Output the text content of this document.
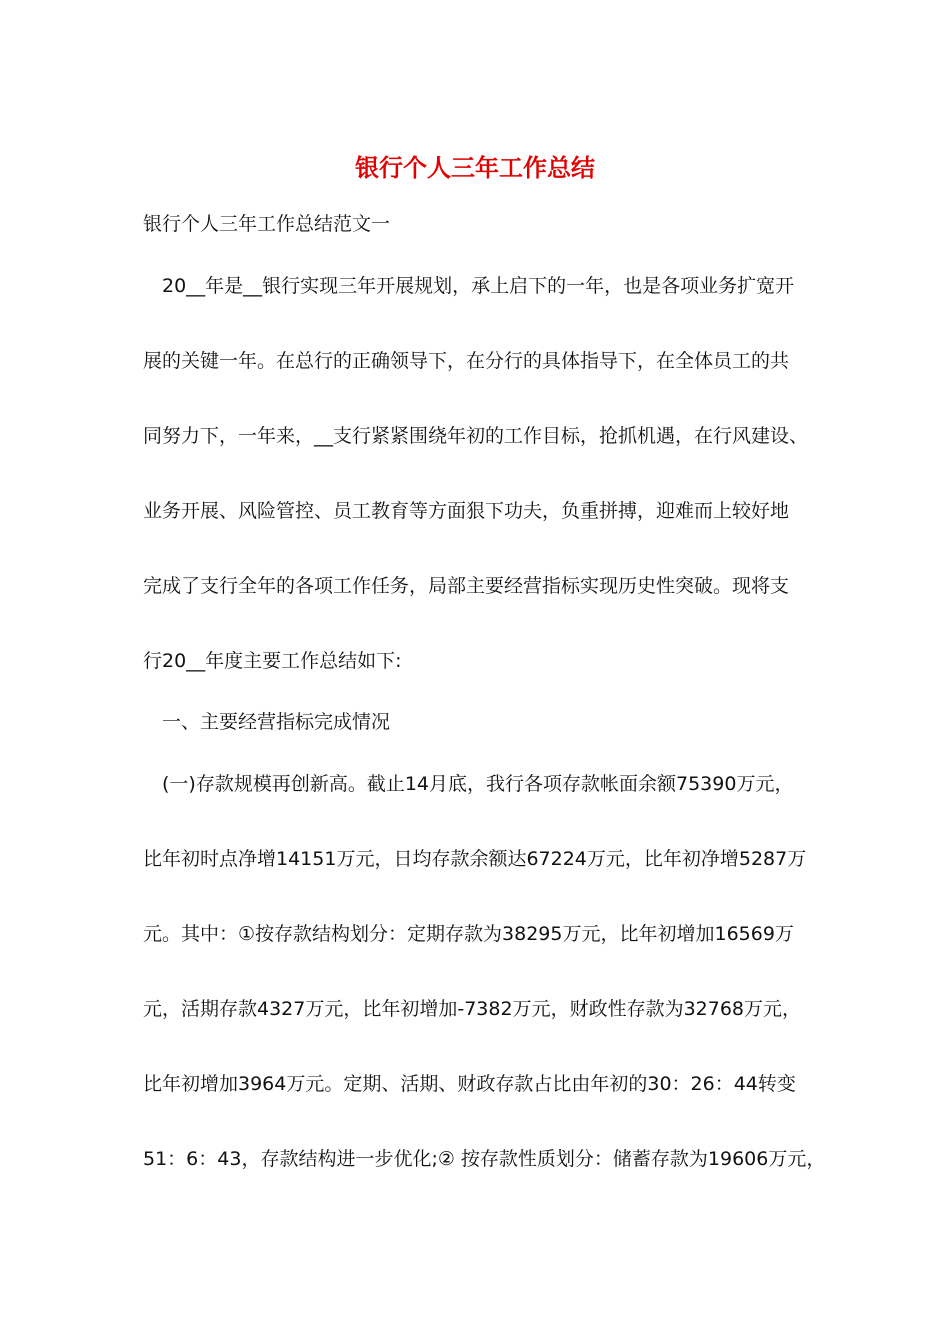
银行个人三年工作总结
银行个人三年工作总结范文一
　20__年是__银行实现三年开展规划，承上启下的一年，也是各项业务扩宽开
展的关键一年。在总行的正确领导下，在分行的具体指导下，在全体员工的共
同努力下，一年来，__支行紧紧围绕年初的工作目标，抢抓机遇，在行风建设、
业务开展、风险管控、员工教育等方面狠下功夫，负重拼搏，迎难而上较好地
完成了支行全年的各项工作任务，局部主要经营指标实现历史性突破。现将支
行20__年度主要工作总结如下:
　一、主要经营指标完成情况
　(一)存款规模再创新高。截止14月底，我行各项存款帐面余额75390万元，
比年初时点净增14151万元，日均存款余额达67224万元，比年初净增5287万
元。其中：①按存款结构划分：定期存款为38295万元，比年初增加16569万
元，活期存款4327万元，比年初增加-7382万元，财政性存款为32768万元，
比年初增加3964万元。定期、活期、财政存款占比由年初的30：26：44转变
51：6：43，存款结构进一步优化;② 按存款性质划分：储蓄存款为19606万元，
